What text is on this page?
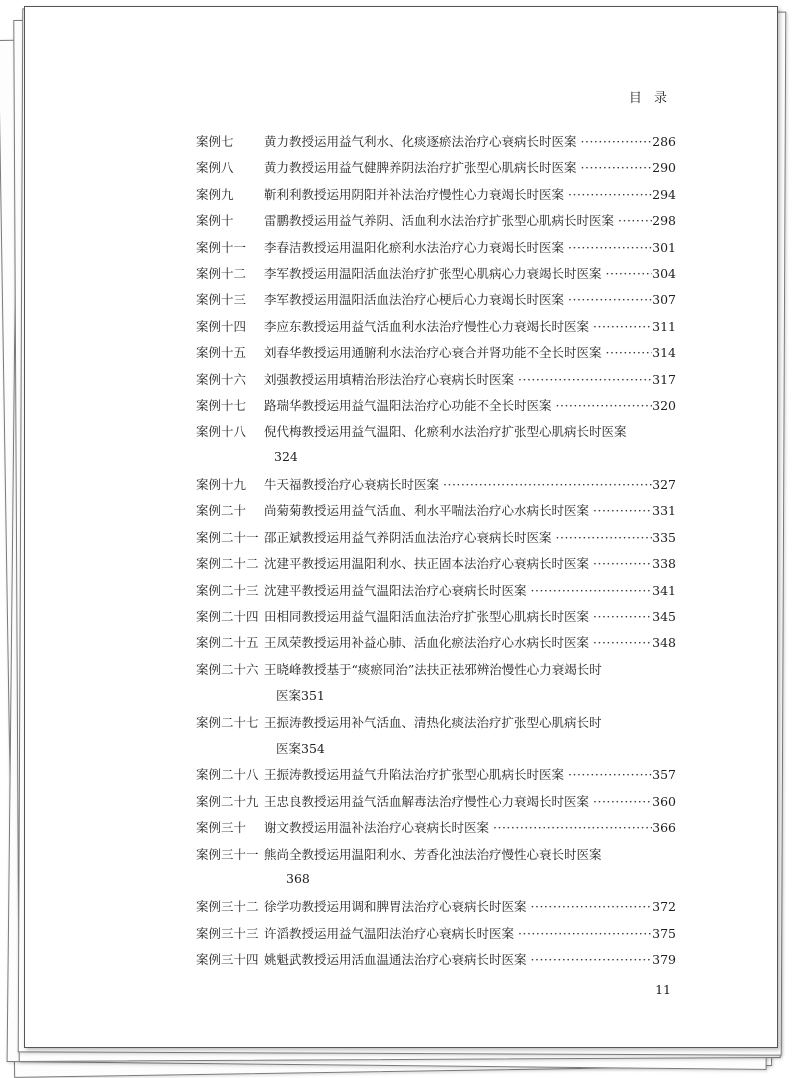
目 录
案例七	黄力教授运用益气利水、化痰逐瘀法治疗心衰病长时医案 ·····	286
案例八	黄力教授运用益气健脾养阴法治疗扩张型心肌病长时医案 ·····	290
案例九	靳利利教授运用阴阳并补法治疗慢性心力衰竭长时医案 ·····	294
案例十	雷鹏教授运用益气养阴、活血利水法治疗扩张型心肌病长时医案 ·····	298
案例十一	李春洁教授运用温阳化瘀利水法治疗心力衰竭长时医案 ·····	301
案例十二	李军教授运用温阳活血法治疗扩张型心肌病心力衰竭长时医案 ·····	304
案例十三	李军教授运用温阳活血法治疗心梗后心力衰竭长时医案 ·····	307
案例十四	李应东教授运用益气活血利水法治疗慢性心力衰竭长时医案 ·····	311
案例十五	刘春华教授运用通腑利水法治疗心衰合并肾功能不全长时医案 ·····	314
案例十六	刘强教授运用填精治形法治疗心衰病长时医案 ·····	317
案例十七	路瑞华教授运用益气温阳法治疗心功能不全长时医案 ·····	320
案例十八	倪代梅教授运用益气温阳、化瘀利水法治疗扩张型心肌病长时医案
324
案例十九	牛天福教授治疗心衰病长时医案 ·····	327
案例二十	尚菊菊教授运用益气活血、利水平喘法治疗心水病长时医案 ·····	331
案例二十一 邵正斌教授运用益气养阴活血法治疗心衰病长时医案 ·····	335
案例二十二 沈建平教授运用温阳利水、扶正固本法治疗心衰病长时医案 ·····	338
案例二十三 沈建平教授运用益气温阳法治疗心衰病长时医案 ·····	341
案例二十四 田相同教授运用益气温阳活血法治疗扩张型心肌病长时医案 ·····	345
案例二十五 王凤荣教授运用补益心肺、活血化瘀法治疗心水病长时医案 ·····	348
案例二十六 王晓峰教授基于“痰瘀同治”法扶正祛邪辨治慢性心力衰竭长时
医案 351
案例二十七 王振涛教授运用补气活血、清热化痰法治疗扩张型心肌病长时
医案 354
案例二十八 王振涛教授运用益气升陷法治疗扩张型心肌病长时医案 ·····	357
案例二十九 王忠良教授运用益气活血解毒法治疗慢性心力衰竭长时医案 ·····	360
案例三十	谢文教授运用温补法治疗心衰病长时医案 ·····	366
案例三十一 熊尚全教授运用温阳利水、芳香化浊法治疗慢性心衰长时医案
368
案例三十二 徐学功教授运用调和脾胃法治疗心衰病长时医案 ·····	372
案例三十三 许滔教授运用益气温阳法治疗心衰病长时医案 ·····	375
案例三十四 姚魁武教授运用活血温通法治疗心衰病长时医案 ·····	379
11
